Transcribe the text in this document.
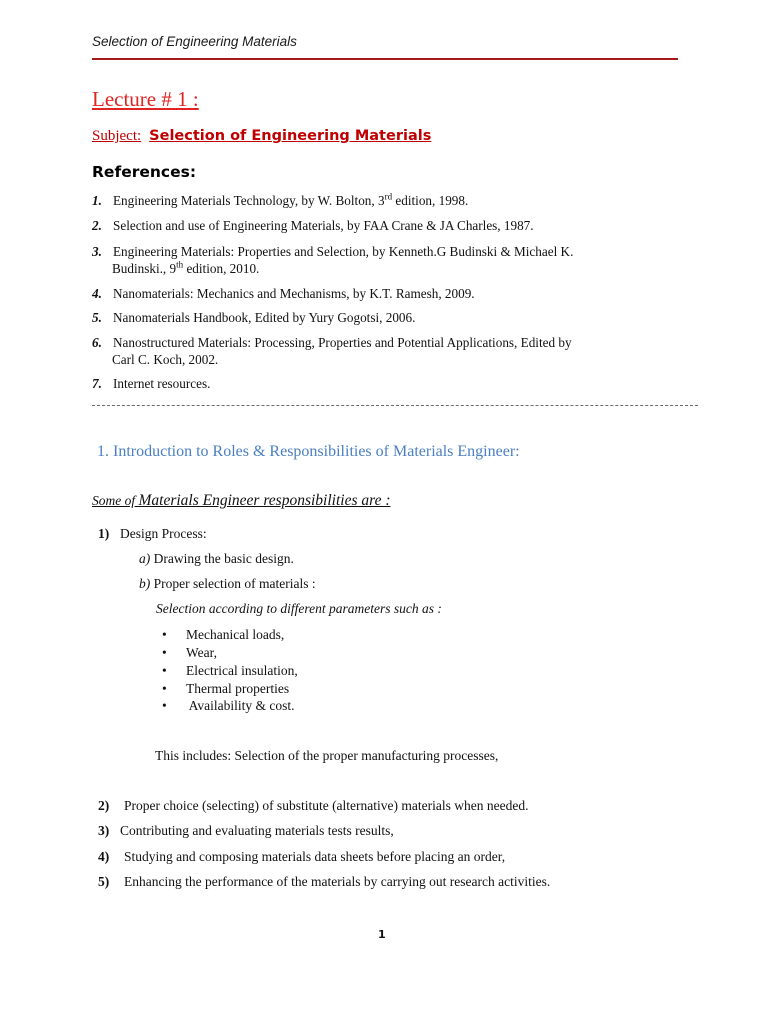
Selection of Engineering Materials
Lecture # 1 :
Subject: Selection of Engineering Materials
References:
1. Engineering Materials Technology, by W. Bolton, 3rd edition, 1998.
2. Selection and use of Engineering Materials, by FAA Crane & JA Charles, 1987.
3. Engineering Materials: Properties and Selection, by Kenneth.G Budinski & Michael K.
Budinski., 9th edition, 2010.
4. Nanomaterials: Mechanics and Mechanisms, by K.T. Ramesh, 2009.
5. Nanomaterials Handbook, Edited by Yury Gogotsi, 2006.
6. Nanostructured Materials: Processing, Properties and Potential Applications, Edited by
Carl C. Koch, 2002.
7. Internet resources.
1. Introduction to Roles & Responsibilities of Materials Engineer:
Some of Materials Engineer responsibilities are :
1) Design Process:
a) Drawing the basic design.
b) Proper selection of materials :
Selection according to different parameters such as :
• Mechanical loads,
• Wear,
• Electrical insulation,
• Thermal properties
• Availability & cost.
This includes: Selection of the proper manufacturing processes,
2) Proper choice (selecting) of substitute (alternative) materials when needed.
3) Contributing and evaluating materials tests results,
4) Studying and composing materials data sheets before placing an order,
5) Enhancing the performance of the materials by carrying out research activities.
1
